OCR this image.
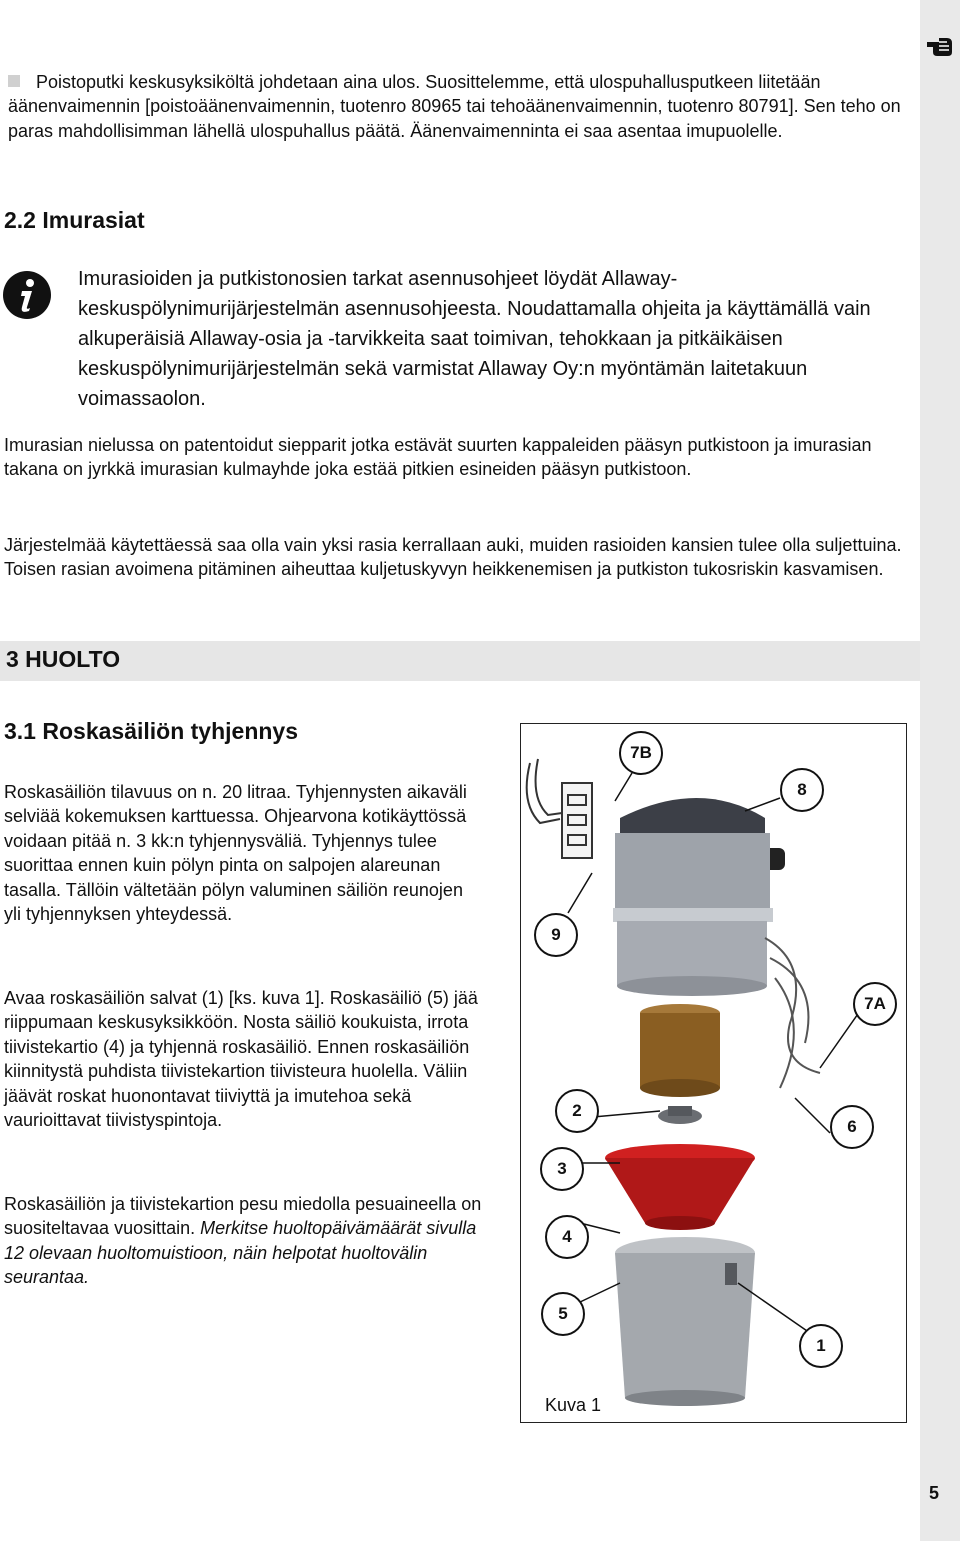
Poistoputki keskusyksiköltä johdetaan aina ulos. Suosittelemme, että ulospuhallusputkeen liitetään äänenvaimennin [poistoäänenvaimennin, tuotenro 80965 tai tehoäänenvaimennin, tuotenro 80791]. Sen teho on paras mahdollisimman lähellä ulospuhallus päätä. Äänenvaimenninta ei saa asentaa imupuolelle.

2.2 Imurasiat

Imurasioiden ja putkistonosien tarkat asennusohjeet löydät Allaway-keskuspölynimurijärjestelmän asennusohjeesta. Noudattamalla ohjeita ja käyttämällä vain alkuperäisiä Allaway-osia ja -tarvikkeita saat toimivan, tehokkaan ja pitkäikäisen keskuspölynimurijärjestelmän sekä varmistat Allaway Oy:n myöntämän laitetakuun voimassaolon.

Imurasian nielussa on patentoidut siepparit jotka estävät suurten kappaleiden pääsyn putkistoon ja imurasian takana on jyrkkä imurasian kulmayhde joka estää pitkien esineiden pääsyn putkistoon.

Järjestelmää käytettäessä saa olla vain yksi rasia kerrallaan auki, muiden rasioiden kansien tulee olla suljettuina. Toisen rasian avoimena pitäminen aiheuttaa kuljetuskyvyn heikkenemisen ja putkiston tukosriskin kasvamisen.

3 HUOLTO
3.1 Roskasäiliön tyhjennys

Roskasäiliön tilavuus on n. 20 litraa. Tyhjennysten aikaväli selviää kokemuksen karttuessa. Ohjearvona kotikäyttössä voidaan pitää n. 3 kk:n tyhjennysväliä. Tyhjennys tulee suorittaa ennen kuin pölyn pinta on salpojen alareunan tasalla. Tällöin vältetään pölyn valuminen säiliön reunojen yli tyhjennyksen yhteydessä.

Avaa roskasäiliön salvat (1) [ks. kuva 1]. Roskasäiliö (5) jää riippumaan keskusyksikköön. Nosta säiliö koukuista, irrota tiivistekartio (4) ja tyhjennä roskasäiliö. Ennen roskasäiliön kiinnitystä puhdista tiivistekartion tiivisteura huolella. Väliin jäävät roskat huonontavat tiiviyttä ja imutehoa sekä vaurioittavat tiivistyspintoja.

Roskasäiliön ja tiivistekartion pesu miedolla pesuaineella on suositeltavaa vuosittain. Merkitse huoltopäivämäärät sivulla 12 olevaan huoltomuistioon, näin helpotat huoltovälin seurantaa.

7B
8
9
7A
2
6
3
4
5
1
Kuva 1
5
